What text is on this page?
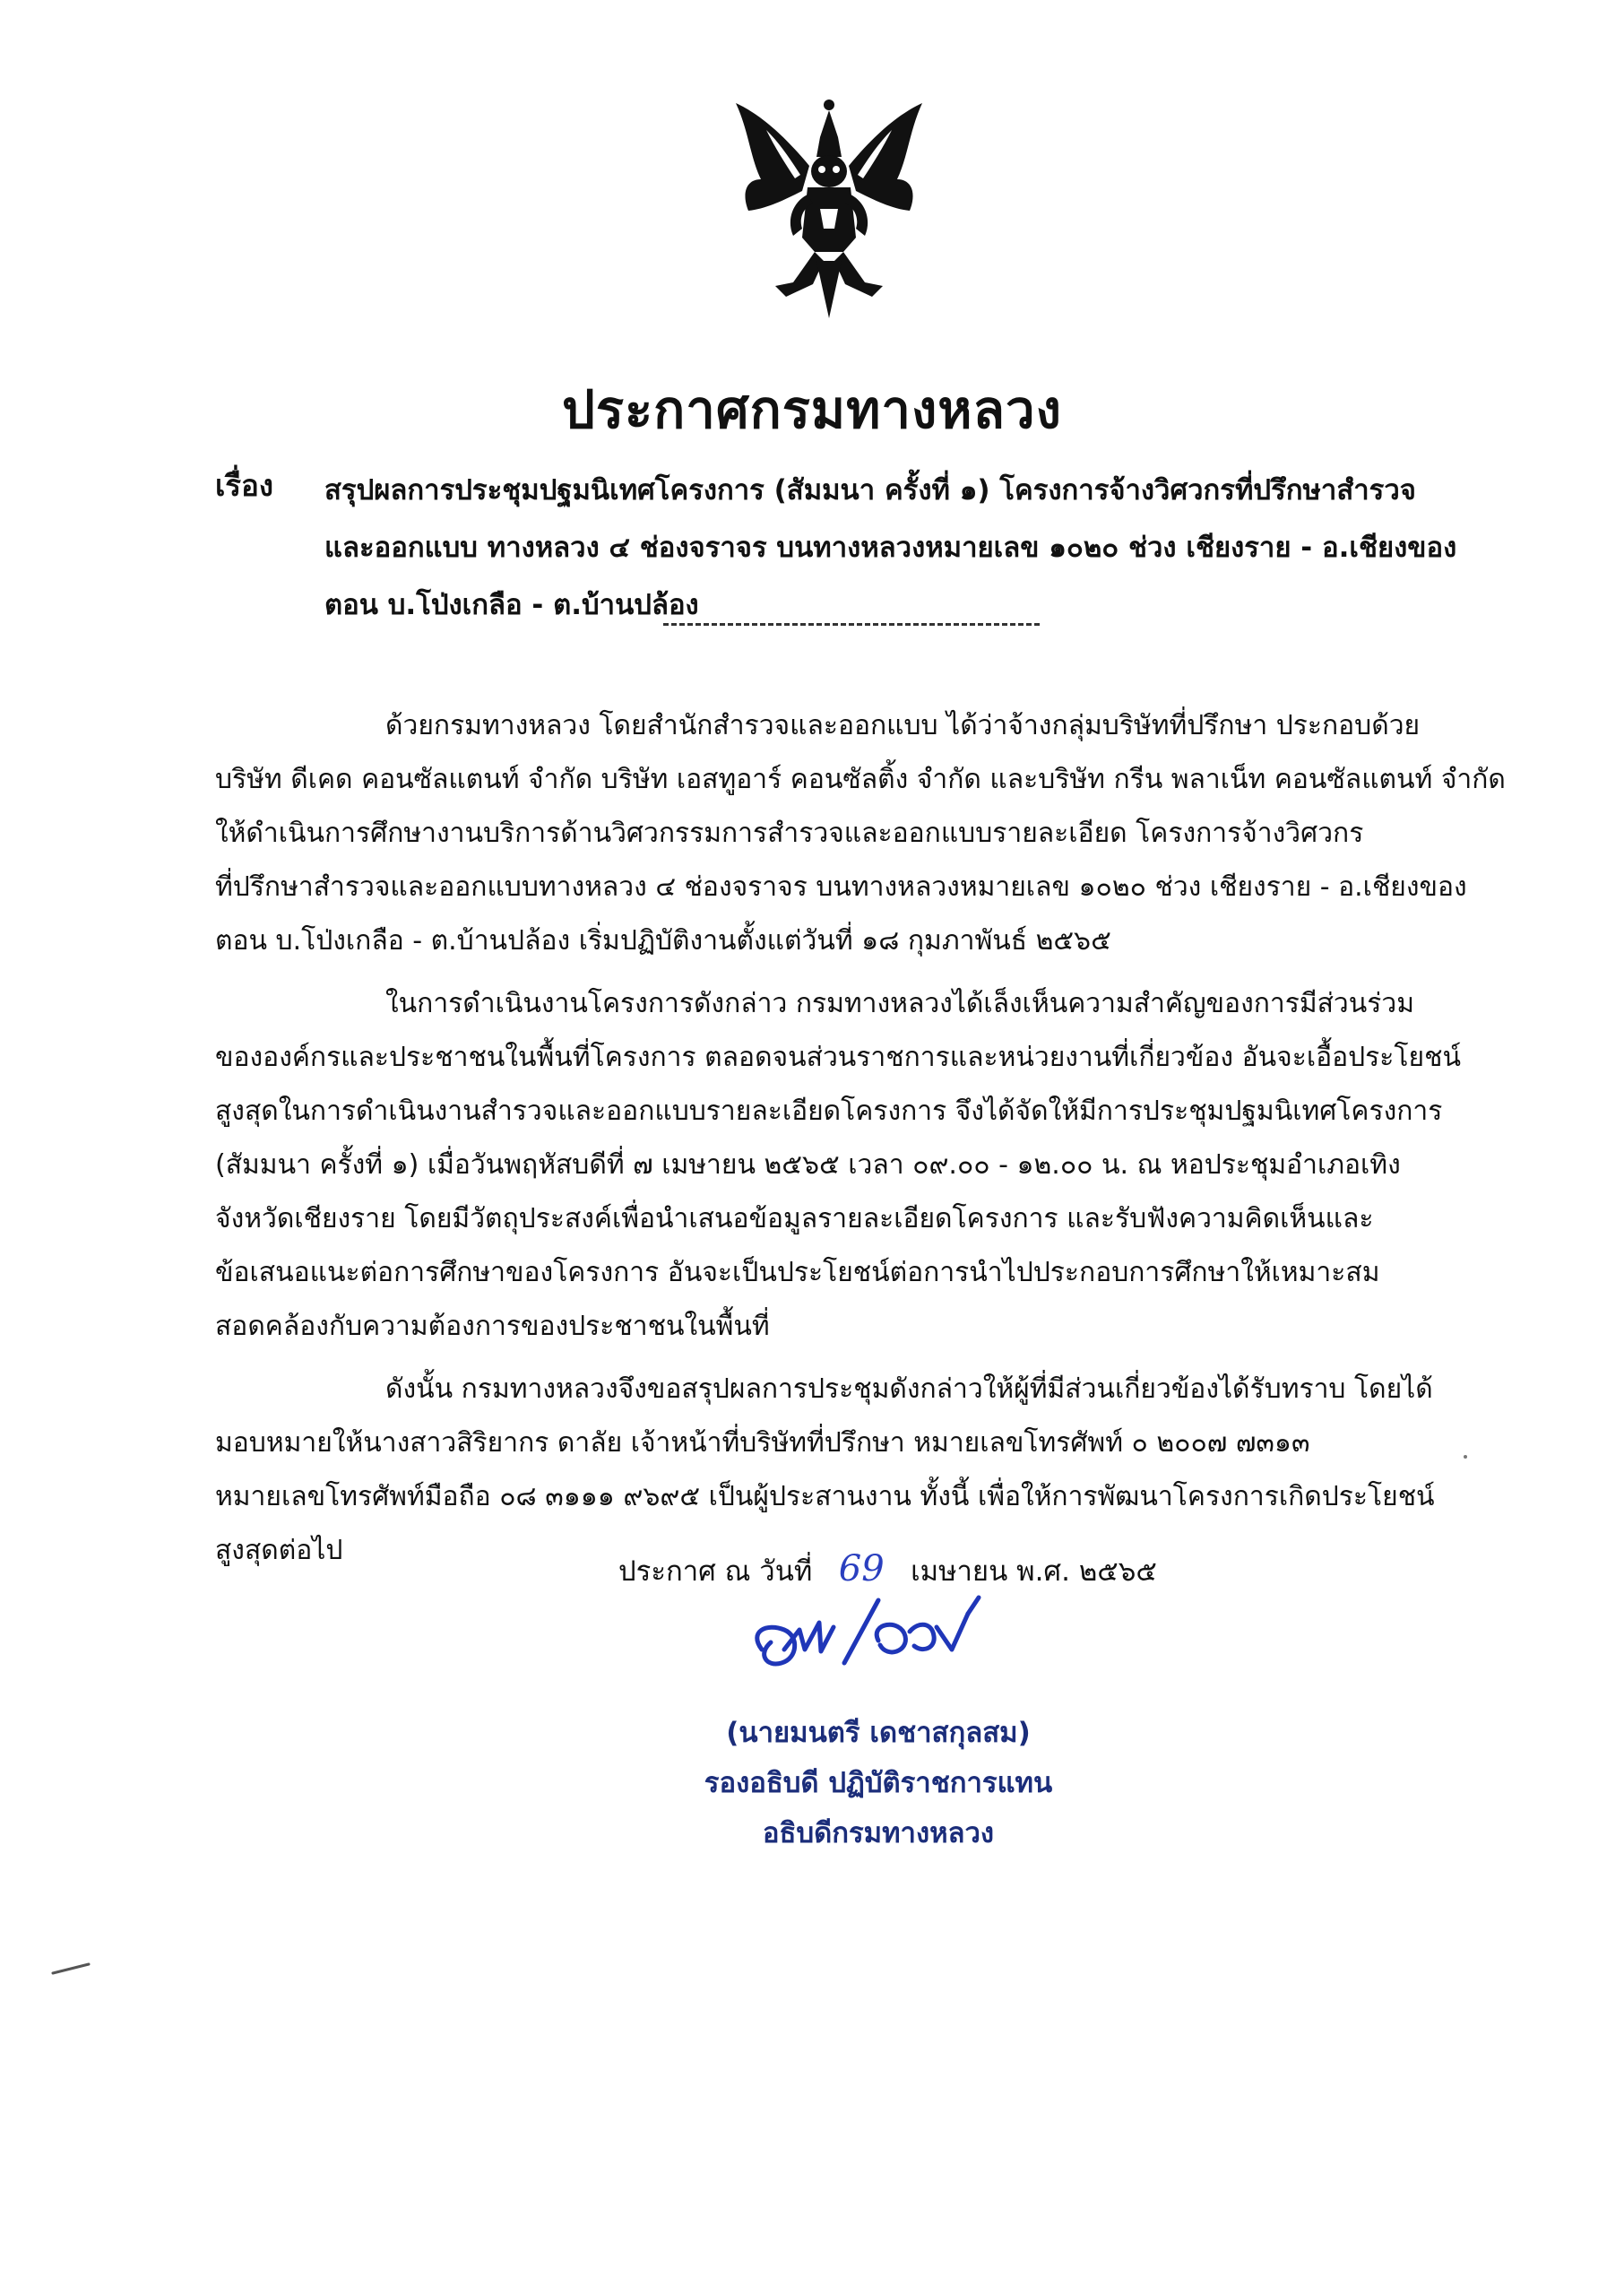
ประกาศกรมทางหลวง
เรื่อง สรุปผลการประชุมปฐมนิเทศโครงการ (สัมมนา ครั้งที่ ๑) โครงการจ้างวิศวกรที่ปรึกษาสำรวจ
และออกแบบ ทางหลวง ๔ ช่องจราจร บนทางหลวงหมายเลข ๑๐๒๐ ช่วง เชียงราย - อ.เชียงของ
ตอน บ.โป่งเกลือ - ต.บ้านปล้อง
ด้วยกรมทางหลวง โดยสำนักสำรวจและออกแบบ ได้ว่าจ้างกลุ่มบริษัทที่ปรึกษา ประกอบด้วย
บริษัท ดีเคด คอนซัลแตนท์ จำกัด บริษัท เอสทูอาร์ คอนซัลติ้ง จำกัด และบริษัท กรีน พลาเน็ท คอนซัลแตนท์ จำกัด
ให้ดำเนินการศึกษางานบริการด้านวิศวกรรมการสำรวจและออกแบบรายละเอียด โครงการจ้างวิศวกร
ที่ปรึกษาสำรวจและออกแบบทางหลวง ๔ ช่องจราจร บนทางหลวงหมายเลข ๑๐๒๐ ช่วง เชียงราย - อ.เชียงของ
ตอน บ.โป่งเกลือ - ต.บ้านปล้อง เริ่มปฏิบัติงานตั้งแต่วันที่ ๑๘ กุมภาพันธ์ ๒๕๖๕
ในการดำเนินงานโครงการดังกล่าว กรมทางหลวงได้เล็งเห็นความสำคัญของการมีส่วนร่วม
ขององค์กรและประชาชนในพื้นที่โครงการ ตลอดจนส่วนราชการและหน่วยงานที่เกี่ยวข้อง อันจะเอื้อประโยชน์
สูงสุดในการดำเนินงานสำรวจและออกแบบรายละเอียดโครงการ จึงได้จัดให้มีการประชุมปฐมนิเทศโครงการ
(สัมมนา ครั้งที่ ๑) เมื่อวันพฤหัสบดีที่ ๗ เมษายน ๒๕๖๕ เวลา ๐๙.๐๐ - ๑๒.๐๐ น. ณ หอประชุมอำเภอเทิง
จังหวัดเชียงราย โดยมีวัตถุประสงค์เพื่อนำเสนอข้อมูลรายละเอียดโครงการ และรับฟังความคิดเห็นและ
ข้อเสนอแนะต่อการศึกษาของโครงการ อันจะเป็นประโยชน์ต่อการนำไปประกอบการศึกษาให้เหมาะสม
สอดคล้องกับความต้องการของประชาชนในพื้นที่
ดังนั้น กรมทางหลวงจึงขอสรุปผลการประชุมดังกล่าวให้ผู้ที่มีส่วนเกี่ยวข้องได้รับทราบ โดยได้
มอบหมายให้นางสาวสิริยากร ดาลัย เจ้าหน้าที่บริษัทที่ปรึกษา หมายเลขโทรศัพท์ ๐ ๒๐๐๗ ๗๓๑๓
หมายเลขโทรศัพท์มือถือ ๐๘ ๓๑๑๑ ๙๖๙๕ เป็นผู้ประสานงาน ทั้งนี้ เพื่อให้การพัฒนาโครงการเกิดประโยชน์
สูงสุดต่อไป
ประกาศ ณ วันที่ 69 เมษายน พ.ศ. ๒๕๖๕
(นายมนตรี เดชาสกุลสม)
รองอธิบดี ปฏิบัติราชการแทน
อธิบดีกรมทางหลวง
